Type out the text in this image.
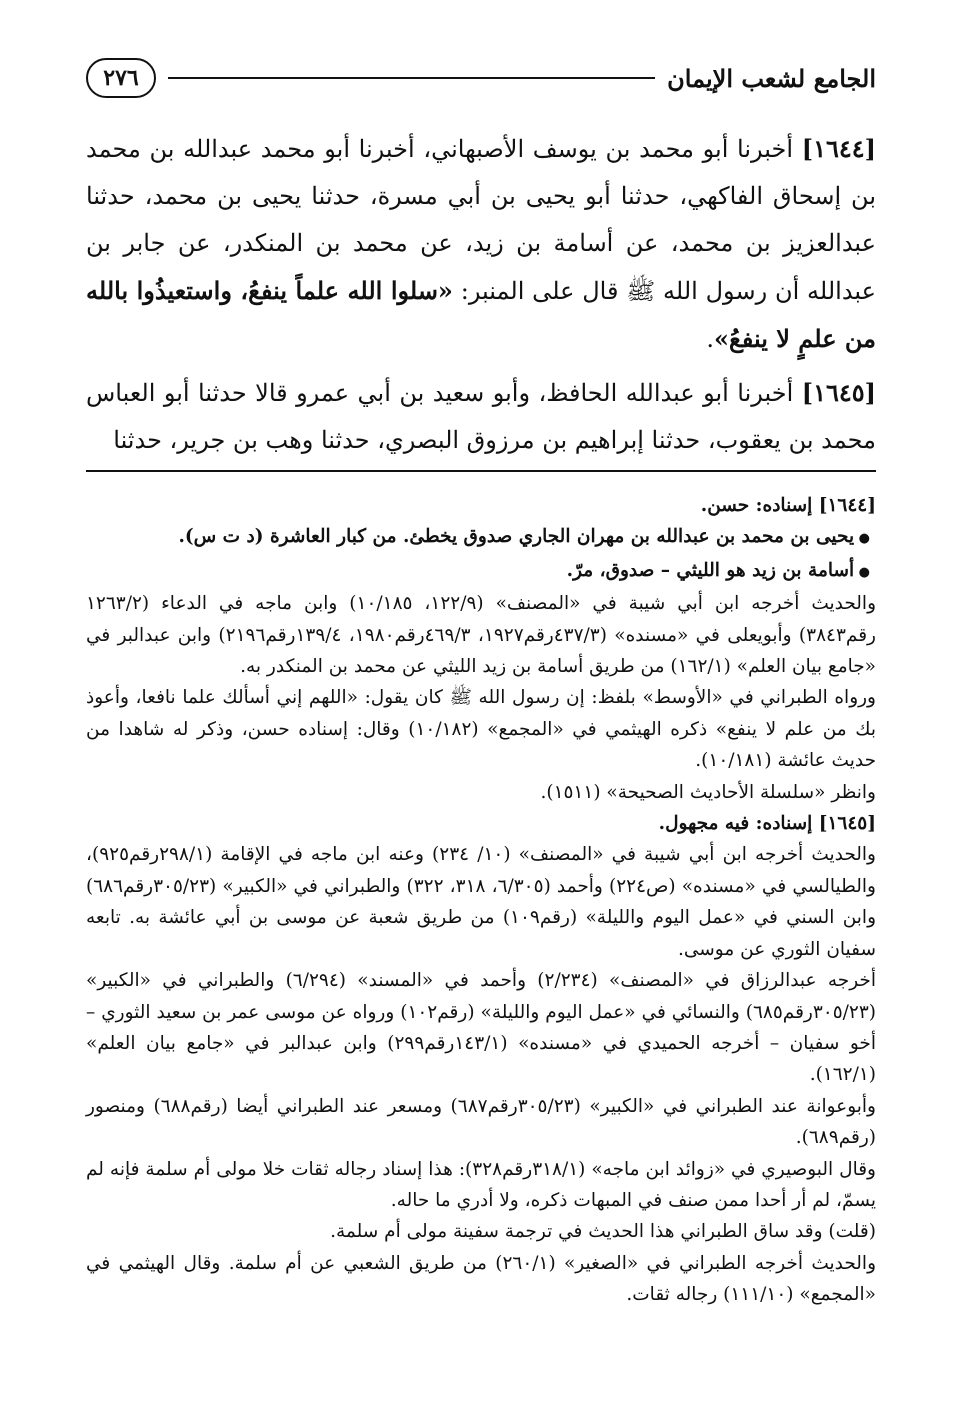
الجامع لشعب الإيمان
٢٧٦

[١٦٤٤] أخبرنا أبو محمد بن يوسف الأصبهاني، أخبرنا أبو محمد عبدالله بن محمد بن إسحاق الفاكهي، حدثنا أبو يحيى بن أبي مسرة، حدثنا يحيى بن محمد، حدثنا عبدالعزيز بن محمد، عن أسامة بن زيد، عن محمد بن المنكدر، عن جابر بن عبدالله أن رسول الله ﷺ قال على المنبر: «سلوا الله علماً ينفعُ، واستعيذُوا بالله من علمٍ لا ينفعُ».

[١٦٤٥] أخبرنا أبو عبدالله الحافظ، وأبو سعيد بن أبي عمرو قالا حدثنا أبو العباس محمد بن يعقوب، حدثنا إبراهيم بن مرزوق البصري، حدثنا وهب بن جرير، حدثنا

[١٦٤٤] إسناده: حسن.

● يحيى بن محمد بن عبدالله بن مهران الجاري صدوق يخطئ. من كبار العاشرة (د ت س).

● أسامة بن زيد هو الليثي – صدوق، مرّ.

والحديث أخرجه ابن أبي شيبة في «المصنف» (١٢٢/٩، ١٠/١٨٥) وابن ماجه في الدعاء (١٢٦٣/٢ رقم٣٨٤٣) وأبويعلى في «مسنده» (٤٣٧/٣رقم١٩٢٧، ٤٦٩/٣رقم١٩٨٠، ١٣٩/٤رقم٢١٩٦) وابن عبدالبر في «جامع بيان العلم» (١٦٢/١) من طريق أسامة بن زيد الليثي عن محمد بن المنكدر به.

ورواه الطبراني في «الأوسط» بلفظ: إن رسول الله ﷺ كان يقول: «اللهم إني أسألك علما نافعا، وأعوذ بك من علم لا ينفع» ذكره الهيثمي في «المجمع» (١٠/١٨٢) وقال: إسناده حسن، وذكر له شاهدا من حديث عائشة (١٠/١٨١).

وانظر «سلسلة الأحاديث الصحيحة» (١٥١١).

[١٦٤٥] إسناده: فيه مجهول.

والحديث أخرجه ابن أبي شيبة في «المصنف» (١٠/ ٢٣٤) وعنه ابن ماجه في الإقامة (٢٩٨/١رقم٩٢٥)، والطيالسي في «مسنده» (ص٢٢٤) وأحمد (٦/٣٠٥، ٣١٨، ٣٢٢) والطبراني في «الكبير» (٣٠٥/٢٣رقم٦٨٦) وابن السني في «عمل اليوم والليلة» (رقم١٠٩) من طريق شعبة عن موسى بن أبي عائشة به. تابعه سفيان الثوري عن موسى.

أخرجه عبدالرزاق في «المصنف» (٢/٢٣٤) وأحمد في «المسند» (٦/٢٩٤) والطبراني في «الكبير» (٣٠٥/٢٣رقم٦٨٥) والنسائي في «عمل اليوم والليلة» (رقم١٠٢) ورواه عن موسى عمر بن سعيد الثوري – أخو سفيان – أخرجه الحميدي في «مسنده» (١٤٣/١رقم٢٩٩) وابن عبدالبر في «جامع بيان العلم» (١٦٢/١).

وأبوعوانة عند الطبراني في «الكبير» (٣٠٥/٢٣رقم٦٨٧) ومسعر عند الطبراني أيضا (رقم٦٨٨) ومنصور (رقم٦٨٩).

وقال البوصيري في «زوائد ابن ماجه» (٣١٨/١رقم٣٢٨): هذا إسناد رجاله ثقات خلا مولى أم سلمة فإنه لم يسمّ، لم أر أحدا ممن صنف في المبهات ذكره، ولا أدري ما حاله.

(قلت) وقد ساق الطبراني هذا الحديث في ترجمة سفينة مولى أم سلمة.

والحديث أخرجه الطبراني في «الصغير» (٢٦٠/١) من طريق الشعبي عن أم سلمة. وقال الهيثمي في «المجمع» (١١١/١٠) رجاله ثقات.
